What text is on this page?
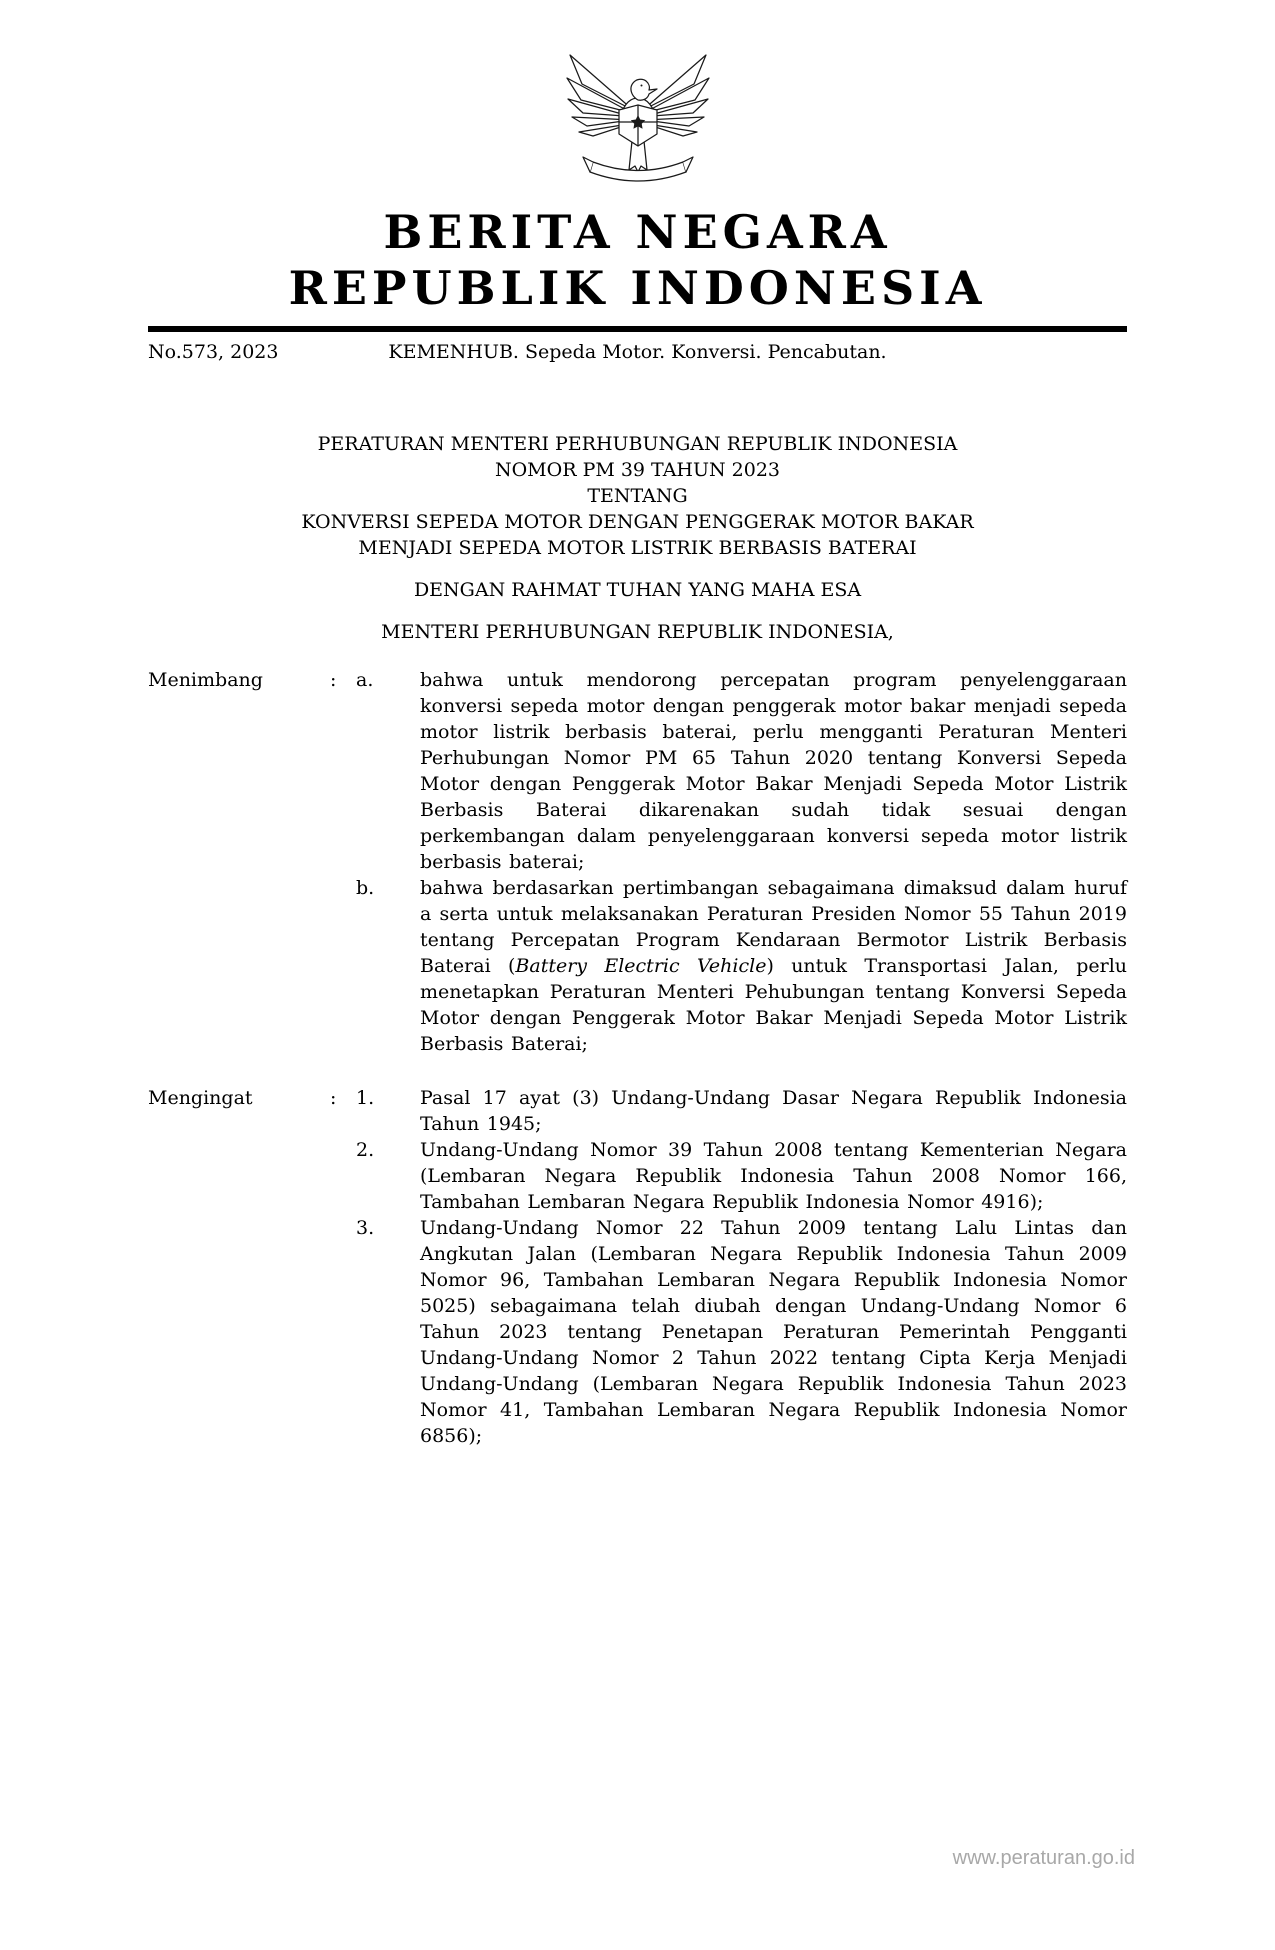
BERITA NEGARA
REPUBLIK INDONESIA
No.573, 2023	KEMENHUB. Sepeda Motor. Konversi. Pencabutan.
PERATURAN MENTERI PERHUBUNGAN REPUBLIK INDONESIA
NOMOR PM 39 TAHUN 2023
TENTANG
KONVERSI SEPEDA MOTOR DENGAN PENGGERAK MOTOR BAKAR
MENJADI SEPEDA MOTOR LISTRIK BERBASIS BATERAI
DENGAN RAHMAT TUHAN YANG MAHA ESA
MENTERI PERHUBUNGAN REPUBLIK INDONESIA,
Menimbang	:	a.	bahwa untuk mendorong percepatan program penyelenggaraan konversi sepeda motor dengan penggerak motor bakar menjadi sepeda motor listrik berbasis baterai, perlu mengganti Peraturan Menteri Perhubungan Nomor PM 65 Tahun 2020 tentang Konversi Sepeda Motor dengan Penggerak Motor Bakar Menjadi Sepeda Motor Listrik Berbasis Baterai dikarenakan sudah tidak sesuai dengan perkembangan dalam penyelenggaraan konversi sepeda motor listrik berbasis baterai;
b.	bahwa berdasarkan pertimbangan sebagaimana dimaksud dalam huruf a serta untuk melaksanakan Peraturan Presiden Nomor 55 Tahun 2019 tentang Percepatan Program Kendaraan Bermotor Listrik Berbasis Baterai (Battery Electric Vehicle) untuk Transportasi Jalan, perlu menetapkan Peraturan Menteri Pehubungan tentang Konversi Sepeda Motor dengan Penggerak Motor Bakar Menjadi Sepeda Motor Listrik Berbasis Baterai;
Mengingat	:	1.	Pasal 17 ayat (3) Undang-Undang Dasar Negara Republik Indonesia Tahun 1945;
2.	Undang-Undang Nomor 39 Tahun 2008 tentang Kementerian Negara (Lembaran Negara Republik Indonesia Tahun 2008 Nomor 166, Tambahan Lembaran Negara Republik Indonesia Nomor 4916);
3.	Undang-Undang Nomor 22 Tahun 2009 tentang Lalu Lintas dan Angkutan Jalan (Lembaran Negara Republik Indonesia Tahun 2009 Nomor 96, Tambahan Lembaran Negara Republik Indonesia Nomor 5025) sebagaimana telah diubah dengan Undang-Undang Nomor 6 Tahun 2023 tentang Penetapan Peraturan Pemerintah Pengganti Undang-Undang Nomor 2 Tahun 2022 tentang Cipta Kerja Menjadi Undang-Undang (Lembaran Negara Republik Indonesia Tahun 2023 Nomor 41, Tambahan Lembaran Negara Republik Indonesia Nomor 6856);
www.peraturan.go.id
